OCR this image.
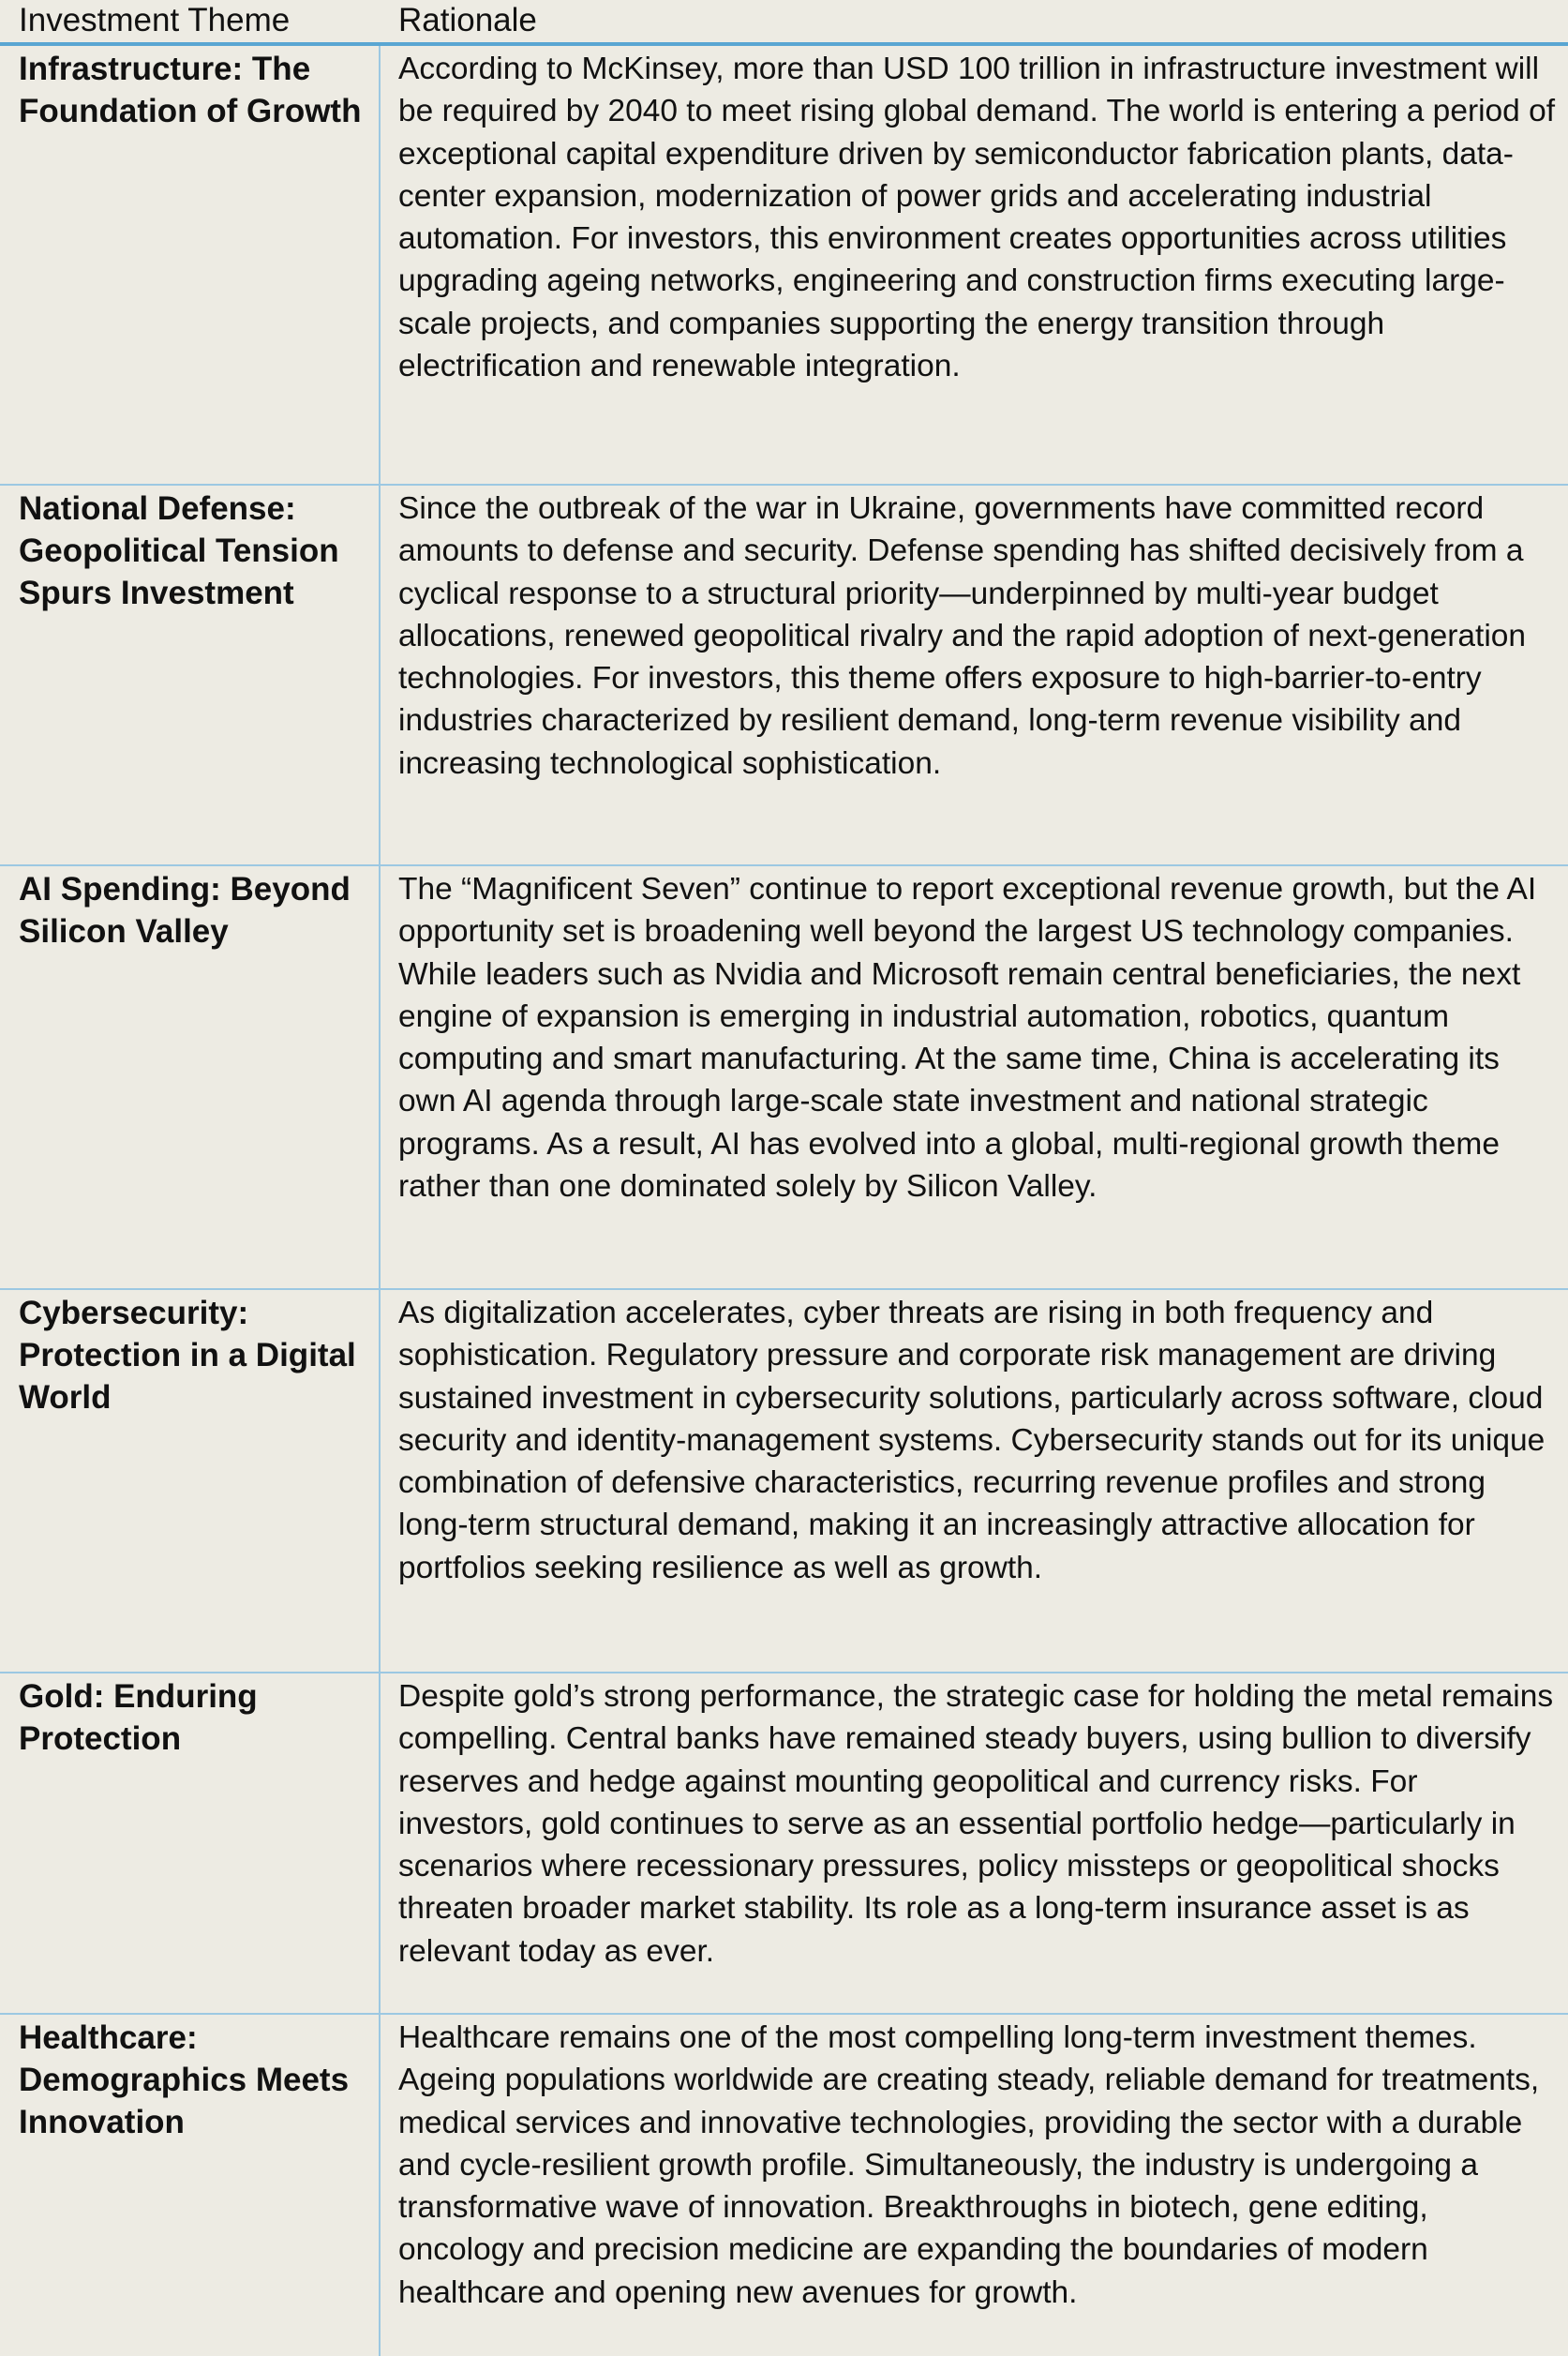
Investment Theme	Rationale
Infrastructure: The Foundation of Growth
According to McKinsey, more than USD 100 trillion in infrastructure investment will be required by 2040 to meet rising global demand. The world is entering a period of exceptional capital expenditure driven by semiconductor fabrication plants, data-center expansion, modernization of power grids and accelerating industrial automation. For investors, this environment creates opportunities across utilities upgrading ageing networks, engineering and construction firms executing large-scale projects, and companies supporting the energy transition through electrification and renewable integration.
National Defense: Geopolitical Tension Spurs Investment
Since the outbreak of the war in Ukraine, governments have committed record amounts to defense and security. Defense spending has shifted decisively from a cyclical response to a structural priority—underpinned by multi-year budget allocations, renewed geopolitical rivalry and the rapid adoption of next-generation technologies. For investors, this theme offers exposure to high-barrier-to-entry industries characterized by resilient demand, long-term revenue visibility and increasing technological sophistication.
AI Spending: Beyond Silicon Valley
The “Magnificent Seven” continue to report exceptional revenue growth, but the AI opportunity set is broadening well beyond the largest US technology companies. While leaders such as Nvidia and Microsoft remain central beneficiaries, the next engine of expansion is emerging in industrial automation, robotics, quantum computing and smart manufacturing. At the same time, China is accelerating its own AI agenda through large-scale state investment and national strategic programs. As a result, AI has evolved into a global, multi-regional growth theme rather than one dominated solely by Silicon Valley.
Cybersecurity: Protection in a Digital World
As digitalization accelerates, cyber threats are rising in both frequency and sophistication. Regulatory pressure and corporate risk management are driving sustained investment in cybersecurity solutions, particularly across software, cloud security and identity-management systems. Cybersecurity stands out for its unique combination of defensive characteristics, recurring revenue profiles and strong long-term structural demand, making it an increasingly attractive allocation for portfolios seeking resilience as well as growth.
Gold: Enduring Protection
Despite gold’s strong performance, the strategic case for holding the metal remains compelling. Central banks have remained steady buyers, using bullion to diversify reserves and hedge against mounting geopolitical and currency risks. For investors, gold continues to serve as an essential portfolio hedge—particularly in scenarios where recessionary pressures, policy missteps or geopolitical shocks threaten broader market stability. Its role as a long-term insurance asset is as relevant today as ever.
Healthcare: Demographics Meets Innovation
Healthcare remains one of the most compelling long-term investment themes. Ageing populations worldwide are creating steady, reliable demand for treatments, medical services and innovative technologies, providing the sector with a durable and cycle-resilient growth profile. Simultaneously, the industry is undergoing a transformative wave of innovation. Breakthroughs in biotech, gene editing, oncology and precision medicine are expanding the boundaries of modern healthcare and opening new avenues for growth.
